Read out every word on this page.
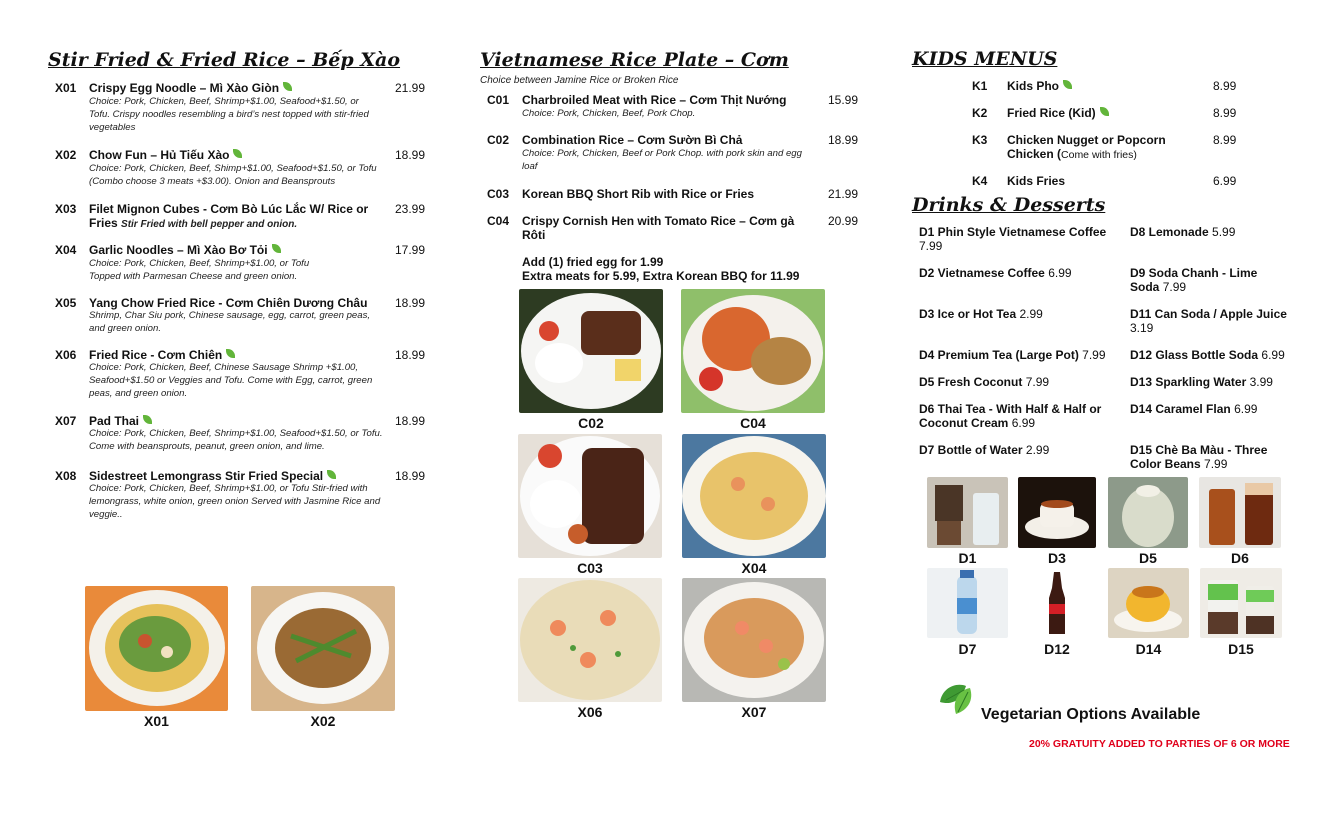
Stir Fried & Fried Rice – Bếp Xào
X01 Crispy Egg Noodle – Mì Xào Giòn	21.99
Choice: Pork, Chicken, Beef, Shrimp+$1.00, Seafood+$1.50, or Tofu. Crispy noodles resembling a bird’s nest topped with stir-fried vegetables
X02 Chow Fun – Hủ Tiếu Xào	18.99
Choice: Pork, Chicken, Beef, Shimp+$1.00, Seafood+$1.50, or Tofu (Combo choose 3 meats +$3.00). Onion and Beansprouts
X03 Filet Mignon Cubes - Cơm Bò Lúc Lắc W/ Rice or Fries Stir Fried with bell pepper and onion.
23.99
X04 Garlic Noodles – Mì Xào Bơ Tỏi	17.99
Choice: Pork, Chicken, Beef, Shrimp+$1.00, or Tofu Topped with Parmesan Cheese and green onion.
X05 Yang Chow Fried Rice - Cơm Chiên Dương Châu 18.99
Shrimp, Char Siu pork, Chinese sausage, egg, carrot, green peas, and green onion.
X06 Fried Rice - Cơm Chiên	18.99
Choice: Pork, Chicken, Beef, Chinese Sausage Shrimp +$1.00, Seafood+$1.50 or Veggies and Tofu. Come with Egg, carrot, green peas, and green onion.
X07 Pad Thai	18.99
Choice: Pork, Chicken, Beef, Shrimp+$1.00, Seafood+$1.50, or Tofu. Come with beansprouts, peanut, green onion, and lime.
X08 Sidestreet Lemongrass Stir Fried Special	18.99
Choice: Pork, Chicken, Beef, Shrimp+$1.00, or Tofu Stir-fried with lemongrass, white onion, green onion Served with Jasmine Rice and veggie..
X01	X02
Vietnamese Rice Plate – Cơm
Choice between Jamine Rice or Broken Rice
C01 Charbroiled Meat with Rice – Cơm Thịt Nướng	15.99
Choice: Pork, Chicken, Beef, Pork Chop.
C02 Combination Rice – Cơm Sườn Bì Chả	18.99
Choice: Pork, Chicken, Beef or Pork Chop. with pork skin and egg loaf
C03 Korean BBQ Short Rib with Rice or Fries	21.99
C04 Crispy Cornish Hen with Tomato Rice – Cơm gà Rôti
20.99
Add (1) fried egg for 1.99
Extra meats for 5.99, Extra Korean BBQ for 11.99
C02	C04
C03	X04
X06	X07
KIDS MENUS
K1 Kids Pho	8.99
K2 Fried Rice (Kid)	8.99
K3 Chicken Nugget or Popcorn Chicken (Come with fries)
8.99
K4 Kids Fries	6.99
Drinks & Desserts
D1 Phin Style Vietnamese Coffee 7.99
D8 Lemonade 5.99
D2 Vietnamese Coffee 6.99	D9 Soda Chanh - Lime Soda 7.99
D3 Ice or Hot Tea 2.99	D11 Can Soda / Apple Juice 3.19
D4 Premium Tea (Large Pot) 7.99	D12 Glass Bottle Soda 6.99
D5 Fresh Coconut 7.99	D13 Sparkling Water 3.99
D6 Thai Tea - With Half & Half or Coconut Cream 6.99
D14 Caramel Flan 6.99
D7 Bottle of Water 2.99	D15 Chè Ba Màu - Three Color Beans 7.99
D1	D3	D5	D6
D7	D12	D14	D15
Vegetarian Options Available
20% GRATUITY ADDED TO PARTIES OF 6 OR MORE
